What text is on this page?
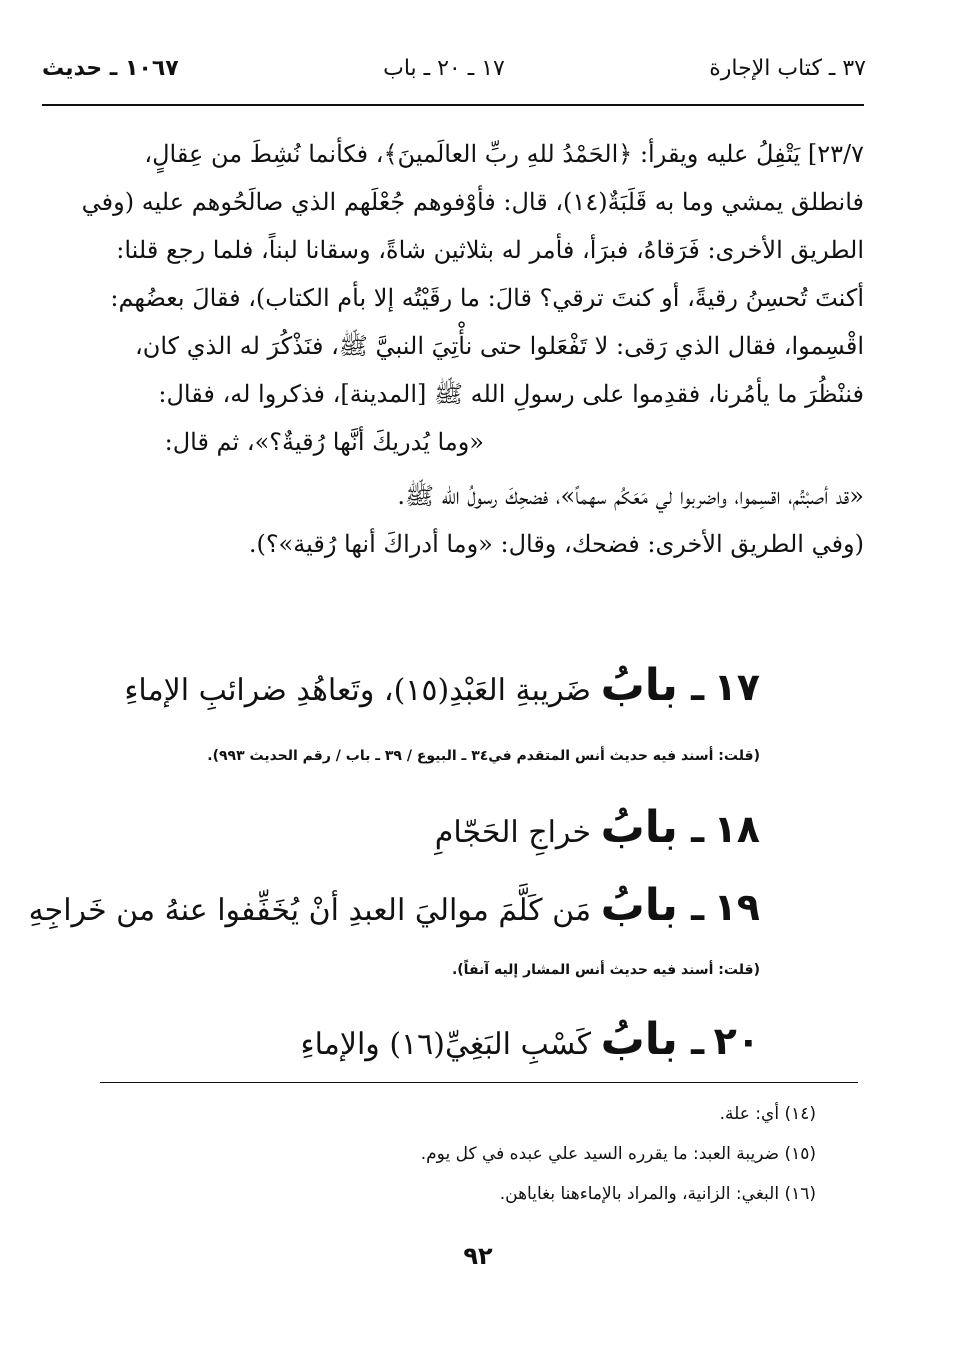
٣٧ ـ كتاب الإجارة
١٧ ـ ٢٠ ـ باب
١٠٦٧ ـ حديث

٢٣/٧] يَتْفِلُ عليه ويقرأ: ﴿الحَمْدُ للهِ ربِّ العالَمينَ﴾، فكأنما نُشِطَ من عِقالٍ،

فانطلق يمشي وما به قَلَبَةٌ(١٤)، قال: فأوْفوهم جُعْلَهم الذي صالَحُوهم عليه (وفي

الطريق الأخرى: فَرَقاهُ، فبرَأ، فأمر له بثلاثين شاةً، وسقانا لبناً، فلما رجع قلنا:

أكنتَ تُحسِنُ رقيةً، أو كنتَ ترقي؟ قالَ: ما رقَيْتُه إلا بأم الكتاب)، فقالَ بعضُهم:

اقْسِموا، فقال الذي رَقى: لا تَفْعَلوا حتى نأْتِيَ النبيَّ ﷺ، فنَذْكُرَ له الذي كان،

فننْظُرَ ما يأمُرنا، فقدِموا على رسولِ الله ﷺ [المدينة]، فذكروا له، فقال:

«وما يُدريكَ أنَّها رُقيةٌ؟»، ثم قال:

«قد أصبْتُم، اقسِموا، واضربوا لي مَعَكُم سهماً»، فضحِكَ رسولُ الله ﷺ.

(وفي الطريق الأخرى: فضحك، وقال: «وما أدراكَ أنها رُقية»؟).

١٧ ـ بابُ ضَريبةِ العَبْدِ(١٥)، وتَعاهُدِ ضرائبِ الإماءِ
(قلت: أسند فيه حديث أنس المتقدم في٣٤ ـ البيوع / ٣٩ ـ باب / رقم الحديث ٩٩٣).
١٨ ـ بابُ خراجِ الحَجّامِ
١٩ ـ بابُ مَن كَلَّمَ مواليَ العبدِ أنْ يُخَفِّفوا عنهُ من خَراجِهِ
(قلت: أسند فيه حديث أنس المشار إليه آنفاً).
٢٠ ـ بابُ كَسْبِ البَغِيِّ(١٦) والإماءِ

(١٤) أي: علة.

(١٥) ضريبة العبد: ما يقرره السيد علي عبده في كل يوم.

(١٦) البغي: الزانية، والمراد بالإماءهنا بغاياهن.

٩٢
